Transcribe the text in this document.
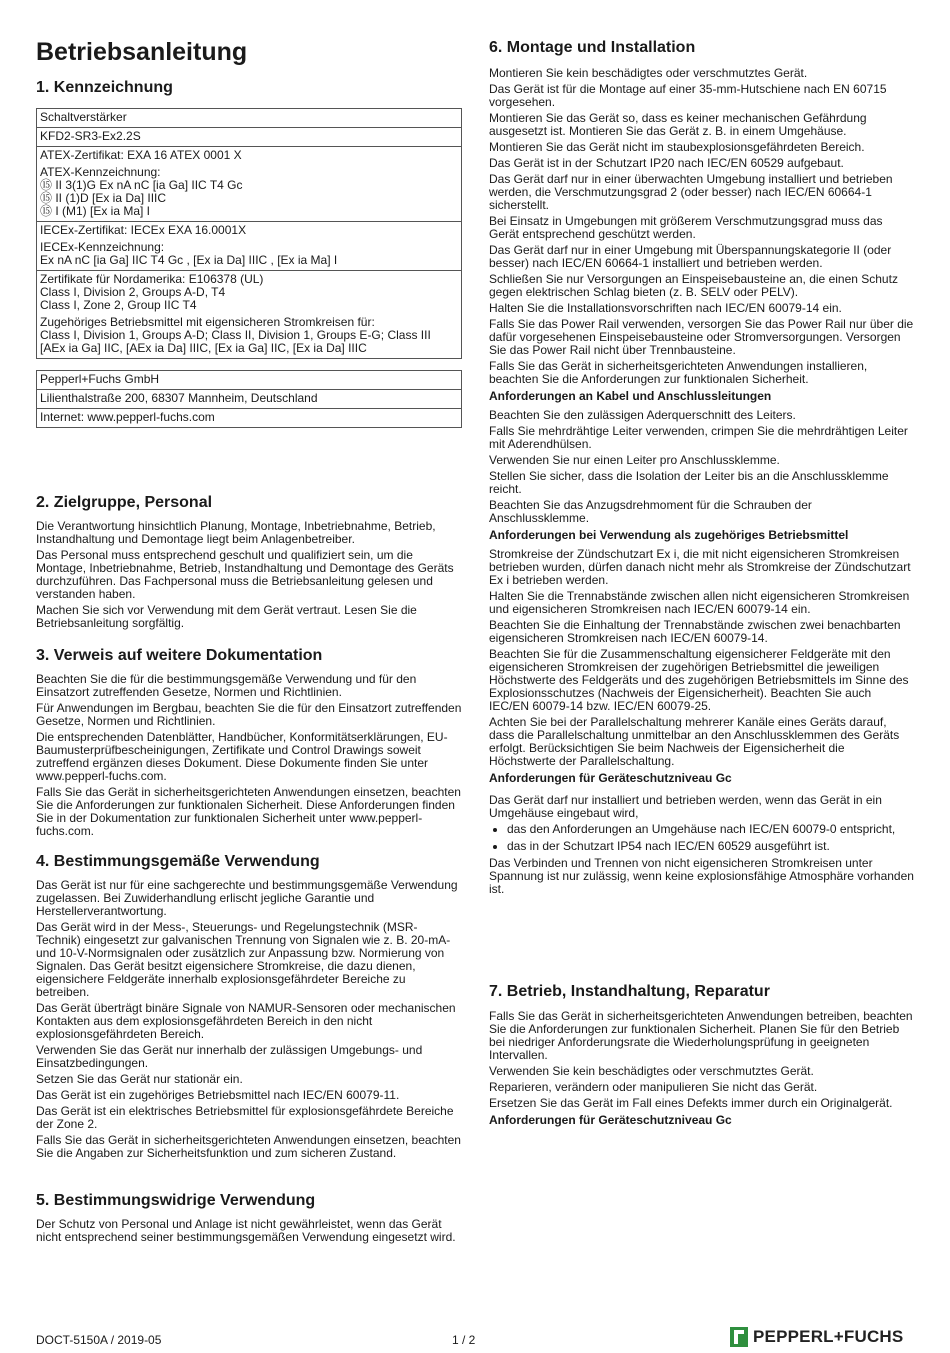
Betriebsanleitung
1. Kennzeichnung
Schaltverstärker

KFD2-SR3-Ex2.2S

ATEX-Zertifikat: EXA 16 ATEX 0001 X
ATEX-Kennzeichnung:
⑮ II 3(1)G Ex nA nC [ia Ga] IIC T4 Gc
⑮ II (1)D [Ex ia Da] IIIC
⑮ I (M1) [Ex ia Ma] I

IECEx-Zertifikat: IECEx EXA 16.0001X
IECEx-Kennzeichnung:
Ex nA nC [ia Ga] IIC T4 Gc , [Ex ia Da] IIIC , [Ex ia Ma] I

Zertifikate für Nordamerika: E106378 (UL)
Class I, Division 2, Groups A-D, T4
Class I, Zone 2, Group IIC T4
Zugehöriges Betriebsmittel mit eigensicheren Stromkreisen für:
Class I, Division 1, Groups A-D; Class II, Division 1, Groups E-G; Class III
[AEx ia Ga] IIC, [AEx ia Da] IIIC, [Ex ia Ga] IIC, [Ex ia Da] IIIC
Pepperl+Fuchs GmbH

Lilienthalstraße 200, 68307 Mannheim, Deutschland

Internet: www.pepperl-fuchs.com
2. Zielgruppe, Personal

Die Verantwortung hinsichtlich Planung, Montage, Inbetriebnahme, Betrieb, Instandhaltung und Demontage liegt beim Anlagenbetreiber.

Das Personal muss entsprechend geschult und qualifiziert sein, um die Montage, Inbetriebnahme, Betrieb, Instandhaltung und Demontage des Geräts durchzuführen. Das Fachpersonal muss die Betriebsanleitung gelesen und verstanden haben.

Machen Sie sich vor Verwendung mit dem Gerät vertraut. Lesen Sie die Betriebsanleitung sorgfältig.

3. Verweis auf weitere Dokumentation

Beachten Sie die für die bestimmungsgemäße Verwendung und für den Einsatzort zutreffenden Gesetze, Normen und Richtlinien.

Für Anwendungen im Bergbau, beachten Sie die für den Einsatzort zutreffenden Gesetze, Normen und Richtlinien.

Die entsprechenden Datenblätter, Handbücher, Konformitätserklärungen, EU-Baumusterprüfbescheinigungen, Zertifikate und Control Drawings soweit zutreffend ergänzen dieses Dokument. Diese Dokumente finden Sie unter www.pepperl-fuchs.com.

Falls Sie das Gerät in sicherheitsgerichteten Anwendungen einsetzen, beachten Sie die Anforderungen zur funktionalen Sicherheit. Diese Anforderungen finden Sie in der Dokumentation zur funktionalen Sicherheit unter www.pepperl-fuchs.com.

4. Bestimmungsgemäße Verwendung

Das Gerät ist nur für eine sachgerechte und bestimmungsgemäße Verwendung zugelassen. Bei Zuwiderhandlung erlischt jegliche Garantie und Herstellerverantwortung.

Das Gerät wird in der Mess-, Steuerungs- und Regelungstechnik (MSR-Technik) eingesetzt zur galvanischen Trennung von Signalen wie z. B. 20-mA- und 10-V-Normsignalen oder zusätzlich zur Anpassung bzw. Normierung von Signalen. Das Gerät besitzt eigensichere Stromkreise, die dazu dienen, eigensichere Feldgeräte innerhalb explosionsgefährdeter Bereiche zu betreiben.

Das Gerät überträgt binäre Signale von NAMUR-Sensoren oder mechanischen Kontakten aus dem explosionsgefährdeten Bereich in den nicht explosionsgefährdeten Bereich.

Verwenden Sie das Gerät nur innerhalb der zulässigen Umgebungs- und Einsatzbedingungen.

Setzen Sie das Gerät nur stationär ein.

Das Gerät ist ein zugehöriges Betriebsmittel nach IEC/EN 60079-11.

Das Gerät ist ein elektrisches Betriebsmittel für explosionsgefährdete Bereiche der Zone 2.

Falls Sie das Gerät in sicherheitsgerichteten Anwendungen einsetzen, beachten Sie die Angaben zur Sicherheitsfunktion und zum sicheren Zustand.

5. Bestimmungswidrige Verwendung

Der Schutz von Personal und Anlage ist nicht gewährleistet, wenn das Gerät nicht entsprechend seiner bestimmungsgemäßen Verwendung eingesetzt wird.

6. Montage und Installation

Montieren Sie kein beschädigtes oder verschmutztes Gerät.

Das Gerät ist für die Montage auf einer 35-mm-Hutschiene nach EN 60715 vorgesehen.

Montieren Sie das Gerät so, dass es keiner mechanischen Gefährdung ausgesetzt ist. Montieren Sie das Gerät z. B. in einem Umgehäuse.

Montieren Sie das Gerät nicht im staubexplosionsgefährdeten Bereich.

Das Gerät ist in der Schutzart IP20 nach IEC/EN 60529 aufgebaut.

Das Gerät darf nur in einer überwachten Umgebung installiert und betrieben werden, die Verschmutzungsgrad 2 (oder besser) nach IEC/EN 60664-1 sicherstellt.

Bei Einsatz in Umgebungen mit größerem Verschmutzungsgrad muss das Gerät entsprechend geschützt werden.

Das Gerät darf nur in einer Umgebung mit Überspannungskategorie II (oder besser) nach IEC/EN 60664-1 installiert und betrieben werden.

Schließen Sie nur Versorgungen an Einspeisebausteine an, die einen Schutz gegen elektrischen Schlag bieten (z. B. SELV oder PELV).

Halten Sie die Installationsvorschriften nach IEC/EN 60079-14 ein.

Falls Sie das Power Rail verwenden, versorgen Sie das Power Rail nur über die dafür vorgesehenen Einspeisebausteine oder Stromversorgungen. Versorgen Sie das Power Rail nicht über Trennbausteine.

Falls Sie das Gerät in sicherheitsgerichteten Anwendungen installieren, beachten Sie die Anforderungen zur funktionalen Sicherheit.

Anforderungen an Kabel und Anschlussleitungen

Beachten Sie den zulässigen Aderquerschnitt des Leiters.

Falls Sie mehrdrähtige Leiter verwenden, crimpen Sie die mehrdrähtigen Leiter mit Aderendhülsen.

Verwenden Sie nur einen Leiter pro Anschlussklemme.

Stellen Sie sicher, dass die Isolation der Leiter bis an die Anschlussklemme reicht.

Beachten Sie das Anzugsdrehmoment für die Schrauben der Anschlussklemme.

Anforderungen bei Verwendung als zugehöriges Betriebsmittel

Stromkreise der Zündschutzart Ex i, die mit nicht eigensicheren Stromkreisen betrieben wurden, dürfen danach nicht mehr als Stromkreise der Zündschutzart Ex i betrieben werden.

Halten Sie die Trennabstände zwischen allen nicht eigensicheren Stromkreisen und eigensicheren Stromkreisen nach IEC/EN 60079-14 ein.

Beachten Sie die Einhaltung der Trennabstände zwischen zwei benachbarten eigensicheren Stromkreisen nach IEC/EN 60079-14.

Beachten Sie für die Zusammenschaltung eigensicherer Feldgeräte mit den eigensicheren Stromkreisen der zugehörigen Betriebsmittel die jeweiligen Höchstwerte des Feldgeräts und des zugehörigen Betriebsmittels im Sinne des Explosionsschutzes (Nachweis der Eigensicherheit). Beachten Sie auch IEC/EN 60079-14 bzw. IEC/EN 60079-25.

Achten Sie bei der Parallelschaltung mehrerer Kanäle eines Geräts darauf, dass die Parallelschaltung unmittelbar an den Anschlussklemmen des Geräts erfolgt. Berücksichtigen Sie beim Nachweis der Eigensicherheit die Höchstwerte der Parallelschaltung.

Anforderungen für Geräteschutzniveau Gc

Das Gerät darf nur installiert und betrieben werden, wenn das Gerät in ein Umgehäuse eingebaut wird,

• das den Anforderungen an Umgehäuse nach IEC/EN 60079-0 entspricht,
• das in der Schutzart IP54 nach IEC/EN 60529 ausgeführt ist.

Das Verbinden und Trennen von nicht eigensicheren Stromkreisen unter Spannung ist nur zulässig, wenn keine explosionsfähige Atmosphäre vorhanden ist.

7. Betrieb, Instandhaltung, Reparatur

Falls Sie das Gerät in sicherheitsgerichteten Anwendungen betreiben, beachten Sie die Anforderungen zur funktionalen Sicherheit. Planen Sie für den Betrieb bei niedriger Anforderungsrate die Wiederholungsprüfung in geeigneten Intervallen.

Verwenden Sie kein beschädigtes oder verschmutztes Gerät.

Reparieren, verändern oder manipulieren Sie nicht das Gerät.

Ersetzen Sie das Gerät im Fall eines Defekts immer durch ein Originalgerät.

Anforderungen für Geräteschutzniveau Gc
DOCT-5150A / 2019-05	1 / 2	PEPPERL+FUCHS
